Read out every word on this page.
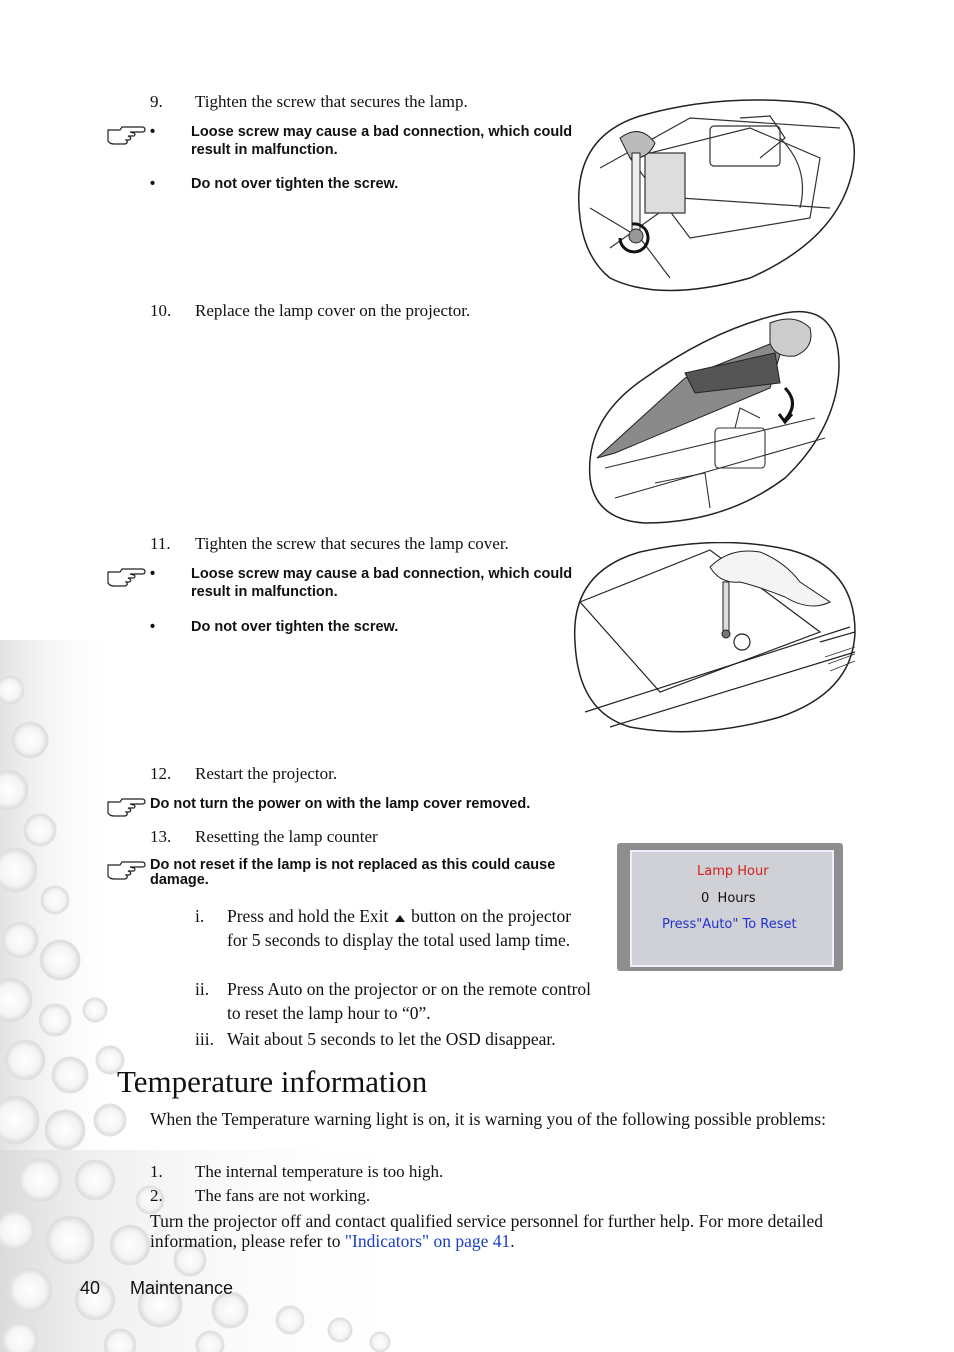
9. Tighten the screw that secures the lamp.
• Loose screw may cause a bad connection, which could result in malfunction.
• Do not over tighten the screw.
10. Replace the lamp cover on the projector.
11. Tighten the screw that secures the lamp cover.
• Loose screw may cause a bad connection, which could result in malfunction.
• Do not over tighten the screw.
12. Restart the projector.
Do not turn the power on with the lamp cover removed.
13. Resetting the lamp counter
Do not reset if the lamp is not replaced as this could cause damage.
i. Press and hold the Exit  button on the projector for 5 seconds to display the total used lamp time.
ii. Press Auto on the projector or on the remote control to reset the lamp hour to “0”.
iii. Wait about 5 seconds to let the OSD disappear.
Lamp Hour
0 Hours
Press"Auto" To Reset
Temperature information
When the Temperature warning light is on, it is warning you of the following possible problems:
1. The internal temperature is too high.
2. The fans are not working.
Turn the projector off and contact qualified service personnel for further help. For more detailed information, please refer to "Indicators" on page 41.
40 Maintenance
